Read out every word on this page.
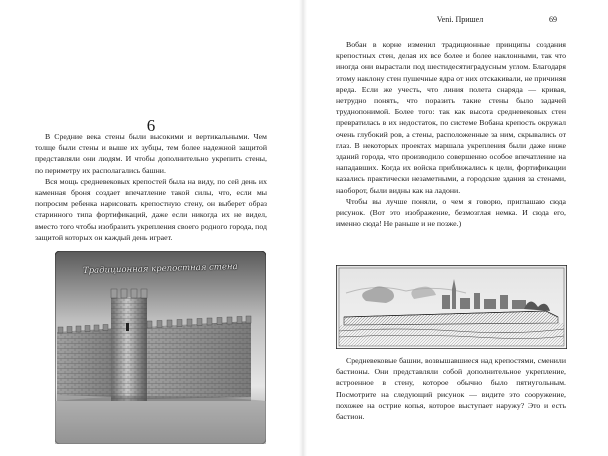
6

В Средние века стены были высокими и вертикальными. Чем толще были стены и выше их зубцы, тем более надежной защитой представляли они людям. И чтобы дополнительно укрепить стены, по периметру их располагались башни.

Вся мощь средневековых крепостей была на виду, по сей день их каменная броня создает впечатление такой силы, что, если мы попросим ребенка нарисовать крепостную стену, он выберет образ старинного типа фортификаций, даже если никогда их не видел, вместо того чтобы изобразить укрепления своего родного города, под защитой которых он каждый день играет.

Традиционная крепостная стена

Veni. Пришел	69

Вобан в корне изменил традиционные принципы создания крепостных стен, делая их все более и более наклонными, так что иногда они вырастали под шестидесятиградусным углом. Благодаря этому наклону стен пушечные ядра от них отскакивали, не причиняя вреда. Если же учесть, что линия полета снаряда — кривая, нетрудно понять, что поразить такие стены было задачей труднопонимой. Более того: так как высота средневековых стен превратилась в их недостаток, по системе Вобана крепость окружал очень глубокий ров, а стены, расположенные за ним, скрывались от глаз. В некоторых проектах маршала укрепления были даже ниже зданий города, что производило совершенно особое впечатление на нападавших. Когда их войска приближались к цели, фортификации казались практически незаметными, а городские здания за стенами, наоборот, были видны как на ладони.

Чтобы вы лучше поняли, о чем я говорю, приглашаю сюда рисунок. (Вот это изображение, безмозглая немка. И сюда его, именно сюда! Не раньше и не позже.)

Средневековые башни, возвышавшиеся над крепостями, сменили бастионы. Они представляли собой дополнительное укрепление, встроенное в стену, которое обычно было пятиугольным. Посмотрите на следующий рисунок — видите это сооружение, похожее на острие копья, которое выступает наружу? Это и есть бастион.
